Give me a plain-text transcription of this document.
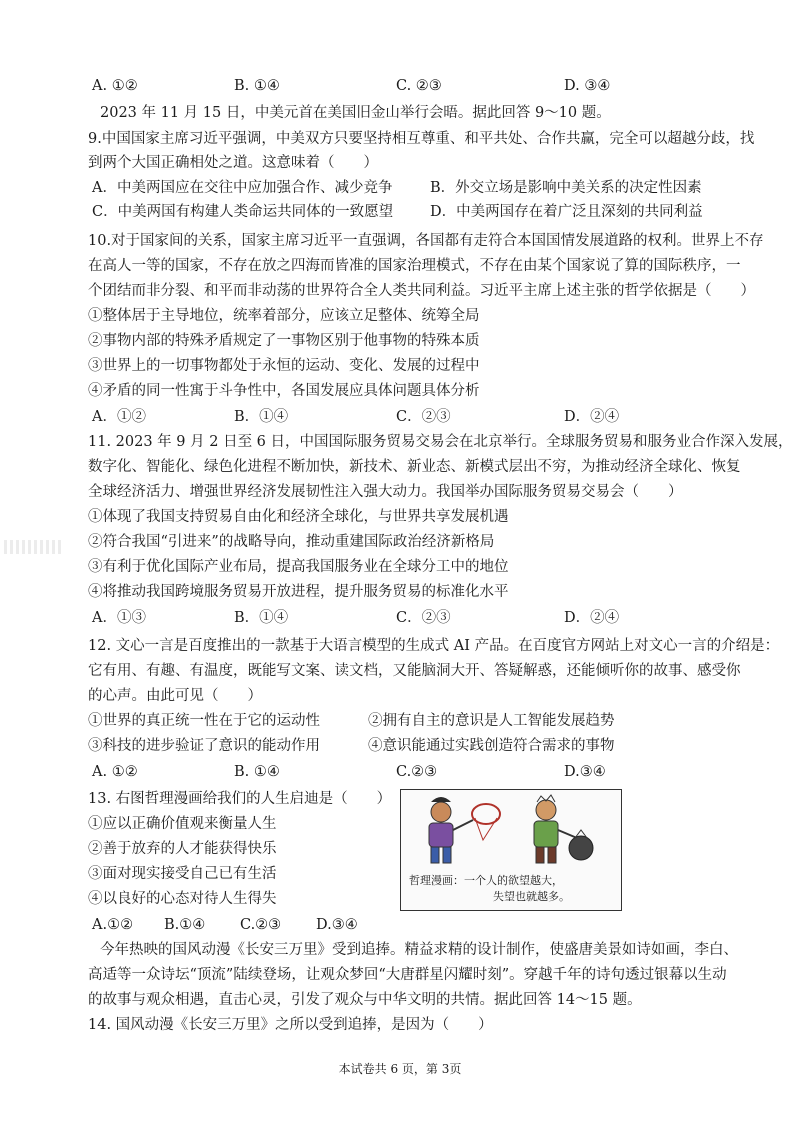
A. ①②	B. ①④	C. ②③	D. ③④
2023 年 11 月 15 日，中美元首在美国旧金山举行会晤。据此回答 9～10 题。
9.中国国家主席习近平强调，中美双方只要坚持相互尊重、和平共处、合作共赢，完全可以超越分歧，找
到两个大国正确相处之道。这意味着（　　）
A．中美两国应在交往中应加强合作、减少竞争	B．外交立场是影响中美关系的决定性因素
C．中美两国有构建人类命运共同体的一致愿望	D．中美两国存在着广泛且深刻的共同利益
10.对于国家间的关系，国家主席习近平一直强调，各国都有走符合本国国情发展道路的权利。世界上不存
在高人一等的国家，不存在放之四海而皆准的国家治理模式，不存在由某个国家说了算的国际秩序，一
个团结而非分裂、和平而非动荡的世界符合全人类共同利益。习近平主席上述主张的哲学依据是（　　）
①整体居于主导地位，统率着部分，应该立足整体、统筹全局
②事物内部的特殊矛盾规定了一事物区别于他事物的特殊本质
③世界上的一切事物都处于永恒的运动、变化、发展的过程中
④矛盾的同一性寓于斗争性中，各国发展应具体问题具体分析
A．①②	B．①④	C．②③	D．②④
11. 2023 年 9 月 2 日至 6 日，中国国际服务贸易交易会在北京举行。全球服务贸易和服务业合作深入发展，
数字化、智能化、绿色化进程不断加快，新技术、新业态、新模式层出不穷，为推动经济全球化、恢复
全球经济活力、增强世界经济发展韧性注入强大动力。我国举办国际服务贸易交易会（　　）
①体现了我国支持贸易自由化和经济全球化，与世界共享发展机遇
②符合我国“引进来”的战略导向，推动重建国际政治经济新格局
③有利于优化国际产业布局，提高我国服务业在全球分工中的地位
④将推动我国跨境服务贸易开放进程，提升服务贸易的标准化水平
A．①③	B．①④	C．②③	D．②④
12. 文心一言是百度推出的一款基于大语言模型的生成式 AI 产品。在百度官方网站上对文心一言的介绍是：
它有用、有趣、有温度，既能写文案、读文档，又能脑洞大开、答疑解惑，还能倾听你的故事、感受你
的心声。由此可见（　　）
①世界的真正统一性在于它的运动性	②拥有自主的意识是人工智能发展趋势
③科技的进步验证了意识的能动作用	④意识能通过实践创造符合需求的事物
A. ①②	B. ①④	C.②③	D.③④
13. 右图哲理漫画给我们的人生启迪是（　　）
①应以正确价值观来衡量人生
②善于放弃的人才能获得快乐
③面对现实接受自己已有生活
④以良好的心态对待人生得失
A.①② B.①④ C.②③ D.③④
哲理漫画：一个人的欲望越大，
失望也就越多。
今年热映的国风动漫《长安三万里》受到追捧。精益求精的设计制作，使盛唐美景如诗如画，李白、
高适等一众诗坛“顶流”陆续登场，让观众梦回“大唐群星闪耀时刻”。穿越千年的诗句透过银幕以生动
的故事与观众相遇，直击心灵，引发了观众与中华文明的共情。据此回答 14～15 题。
14. 国风动漫《长安三万里》之所以受到追捧，是因为（　　）
本试卷共 6 页，第 3页
